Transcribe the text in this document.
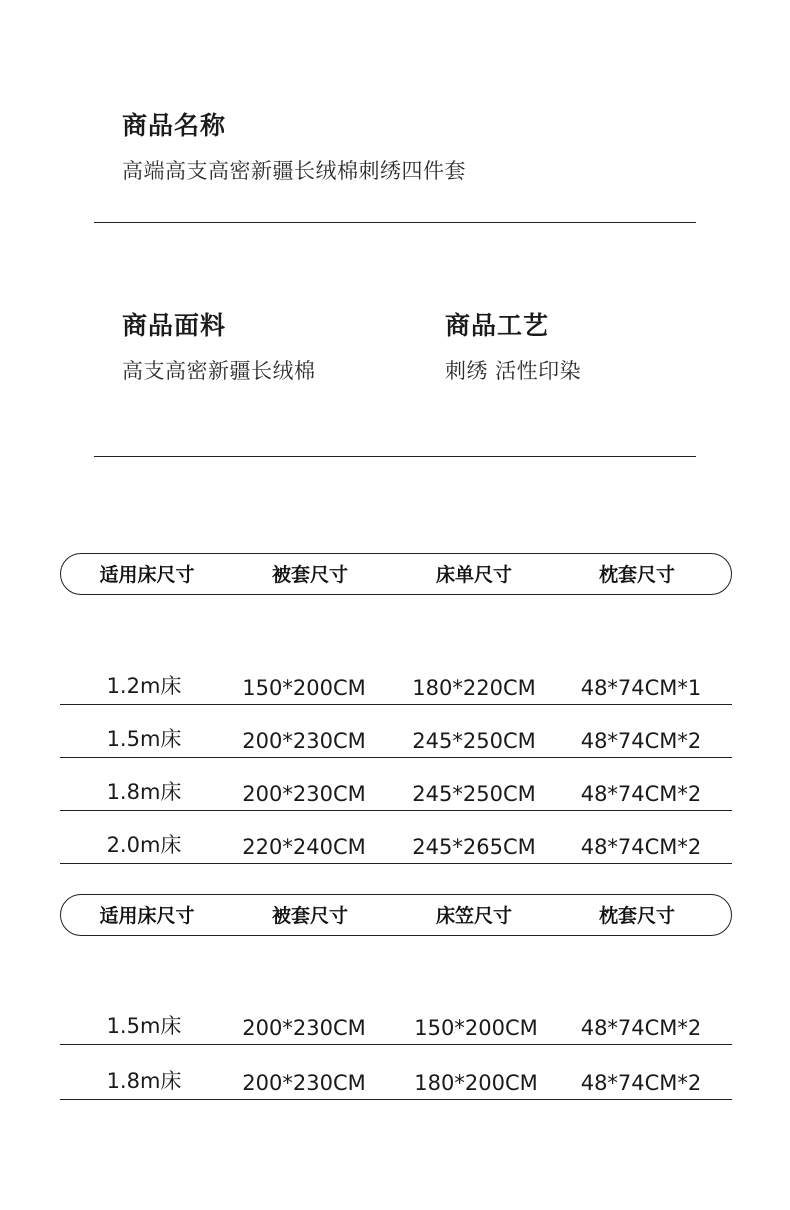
商品名称
高端高支高密新疆长绒棉刺绣四件套
商品面料
高支高密新疆长绒棉
商品工艺
刺绣 活性印染
适用床尺寸	被套尺寸	床单尺寸	枕套尺寸
1.2m床	150*200CM 180*220CM 48*74CM*1
1.5m床	200*230CM 245*250CM 48*74CM*2
1.8m床	200*230CM 245*250CM 48*74CM*2
2.0m床	220*240CM 245*265CM 48*74CM*2
适用床尺寸	被套尺寸	床笠尺寸	枕套尺寸
1.5m床	200*230CM 150*200CM 48*74CM*2
1.8m床	200*230CM 180*200CM 48*74CM*2
